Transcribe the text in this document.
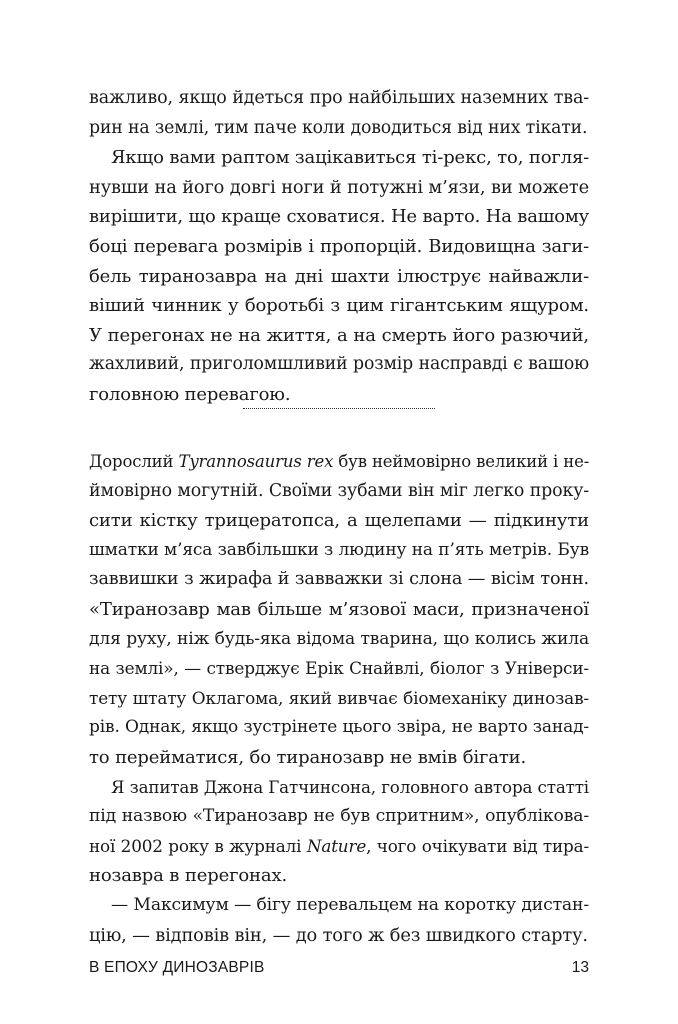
важливо, якщо йдеться про найбільших наземних тва-
рин на землі, тим паче коли доводиться від них тікати.
Якщо вами раптом зацікавиться ті-рекс, то, погля-
нувши на його довгі ноги й потужні м’язи, ви можете
вирішити, що краще сховатися. Не варто. На вашому
боці перевага розмірів і пропорцій. Видовищна заги-
бель тиранозавра на дні шахти ілюструє найважли-
віший чинник у боротьбі з цим гігантським ящуром.
У перегонах не на життя, а на смерть його разючий,
жахливий, приголомшливий розмір насправді є вашою
головною перевагою.
Дорослий Tyrannosaurus rex був неймовірно великий і не-
ймовірно могутній. Своїми зубами він міг легко проку-
сити кістку трицератопса, а щелепами — підкинути
шматки м’яса завбільшки з людину на п’ять метрів. Був
заввишки з жирафа й завважки зі слона — вісім тонн.
«Тиранозавр мав більше м’язової маси, призначеної
для руху, ніж будь-яка відома тварина, що колись жила
на землі», — стверджує Ерік Снайвлі, біолог з Універси-
тету штату Оклагома, який вивчає біомеханіку динозав-
рів. Однак, якщо зустрінете цього звіра, не варто занад-
то перейматися, бо тиранозавр не вмів бігати.
Я запитав Джона Гатчинсона, головного автора статті
під назвою «Тиранозавр не був спритним», опублікова-
ної 2002 року в журналі Nature, чого очікувати від тира-
нозавра в перегонах.
— Максимум — бігу перевальцем на коротку дистан-
цію, — відповів він, — до того ж без швидкого старту.
В ЕПОХУ ДИНОЗАВРІВ	13
